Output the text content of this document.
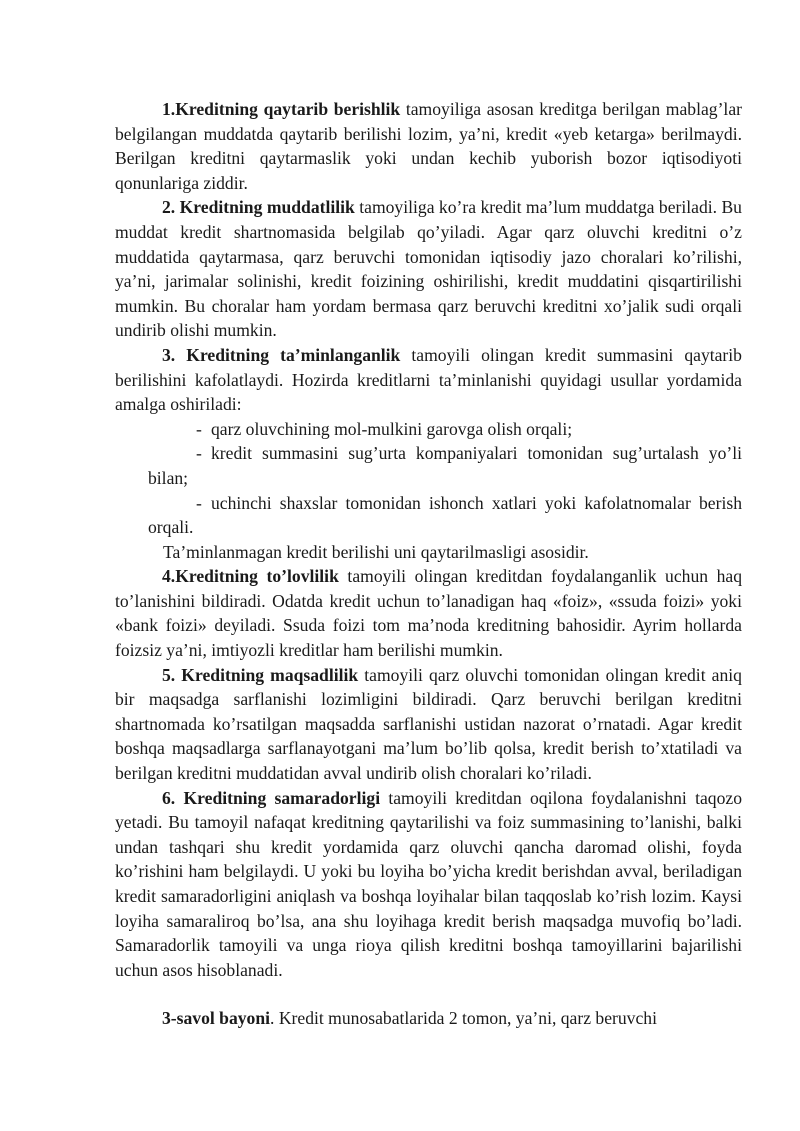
1.Kreditning qaytarib berishlik tamoyiliga asosan kreditga berilgan mablag’lar belgilangan muddatda qaytarib berilishi lozim, ya’ni, kredit «yeb ketarga» berilmaydi. Berilgan kreditni qaytarmaslik yoki undan kechib yuborish bozor iqtisodiyoti qonunlariga ziddir.

2. Kreditning muddatlilik tamoyiliga ko’ra kredit ma’lum muddatga beriladi. Bu muddat kredit shartnomasida belgilab qo’yiladi. Agar qarz oluvchi kreditni o’z muddatida qaytarmasa, qarz beruvchi tomonidan iqtisodiy jazo choralari ko’rilishi, ya’ni, jarimalar solinishi, kredit foizining oshirilishi, kredit muddatini qisqartirilishi mumkin. Bu choralar ham yordam bermasa qarz beruvchi kreditni xo’jalik sudi orqali undirib olishi mumkin.

3. Kreditning ta’minlanganlik tamoyili olingan kredit summasini qaytarib berilishini kafolatlaydi. Hozirda kreditlarni ta’minlanishi quyidagi usullar yordamida amalga oshiriladi:

- qarz oluvchining mol-mulkini garovga olish orqali;

- kredit summasini sug’urta kompaniyalari tomonidan sug’urtalash yo’li bilan;

- uchinchi shaxslar tomonidan ishonch xatlari yoki kafolatnomalar berish orqali.

Ta’minlanmagan kredit berilishi uni qaytarilmasligi asosidir.

4.Kreditning to’lovlilik tamoyili olingan kreditdan foydalanganlik uchun haq to’lanishini bildiradi. Odatda kredit uchun to’lanadigan haq «foiz», «ssuda foizi» yoki «bank foizi» deyiladi. Ssuda foizi tom ma’noda kreditning bahosidir. Ayrim hollarda foizsiz ya’ni, imtiyozli kreditlar ham berilishi mumkin.

5. Kreditning maqsadlilik tamoyili qarz oluvchi tomonidan olingan kredit aniq bir maqsadga sarflanishi lozimligini bildiradi. Qarz beruvchi berilgan kreditni shartnomada ko’rsatilgan maqsadda sarflanishi ustidan nazorat o’rnatadi. Agar kredit boshqa maqsadlarga sarflanayotgani ma’lum bo’lib qolsa, kredit berish to’xtatiladi va berilgan kreditni muddatidan avval undirib olish choralari ko’riladi.

6. Kreditning samaradorligi tamoyili kreditdan oqilona foydalanishni taqozo yetadi. Bu tamoyil nafaqat kreditning qaytarilishi va foiz summasining to’lanishi, balki undan tashqari shu kredit yordamida qarz oluvchi qancha daromad olishi, foyda ko’rishini ham belgilaydi. U yoki bu loyiha bo’yicha kredit berishdan avval, beriladigan kredit samaradorligini aniqlash va boshqa loyihalar bilan taqqoslab ko’rish lozim. Kaysi loyiha samaraliroq bo’lsa, ana shu loyihaga kredit berish maqsadga muvofiq bo’ladi. Samaradorlik tamoyili va unga rioya qilish kreditni boshqa tamoyillarini bajarilishi uchun asos hisoblanadi.

3-savol bayoni. Kredit munosabatlarida 2 tomon, ya’ni, qarz beruvchi
